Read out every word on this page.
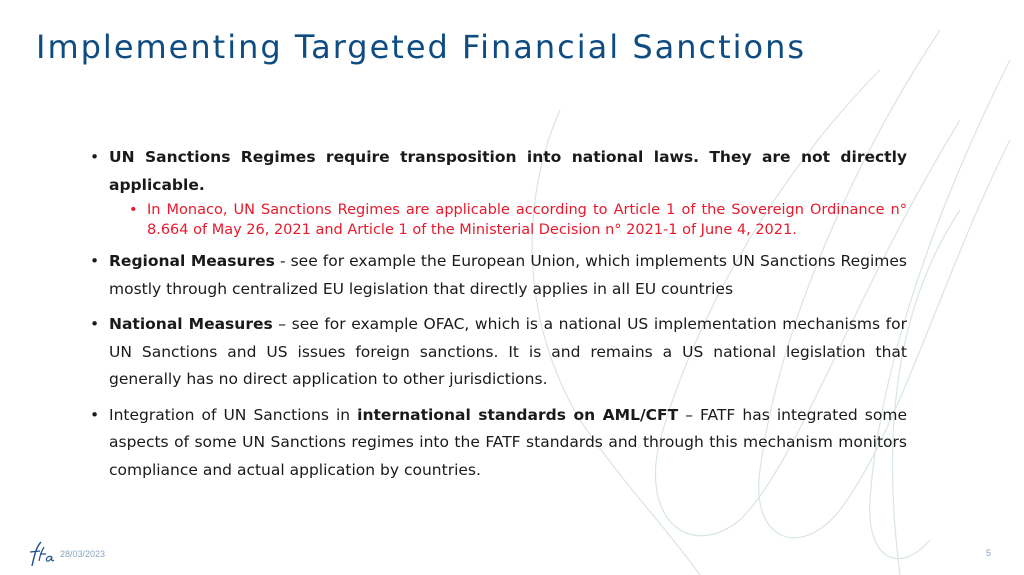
Implementing Targeted Financial Sanctions
• UN Sanctions Regimes require transposition into national laws. They are not directly applicable.
• In Monaco, UN Sanctions Regimes are applicable according to Article 1 of the Sovereign Ordinance n° 8.664 of May 26, 2021 and Article 1 of the Ministerial Decision n° 2021-1 of June 4, 2021.
• Regional Measures - see for example the European Union, which implements UN Sanctions Regimes mostly through centralized EU legislation that directly applies in all EU countries
• National Measures – see for example OFAC, which is a national US implementation mechanisms for UN Sanctions and US issues foreign sanctions. It is and remains a US national legislation that generally has no direct application to other jurisdictions.
• Integration of UN Sanctions in international standards on AML/CFT – FATF has integrated some aspects of some UN Sanctions regimes into the FATF standards and through this mechanism monitors compliance and actual application by countries.
28/03/2023	5
